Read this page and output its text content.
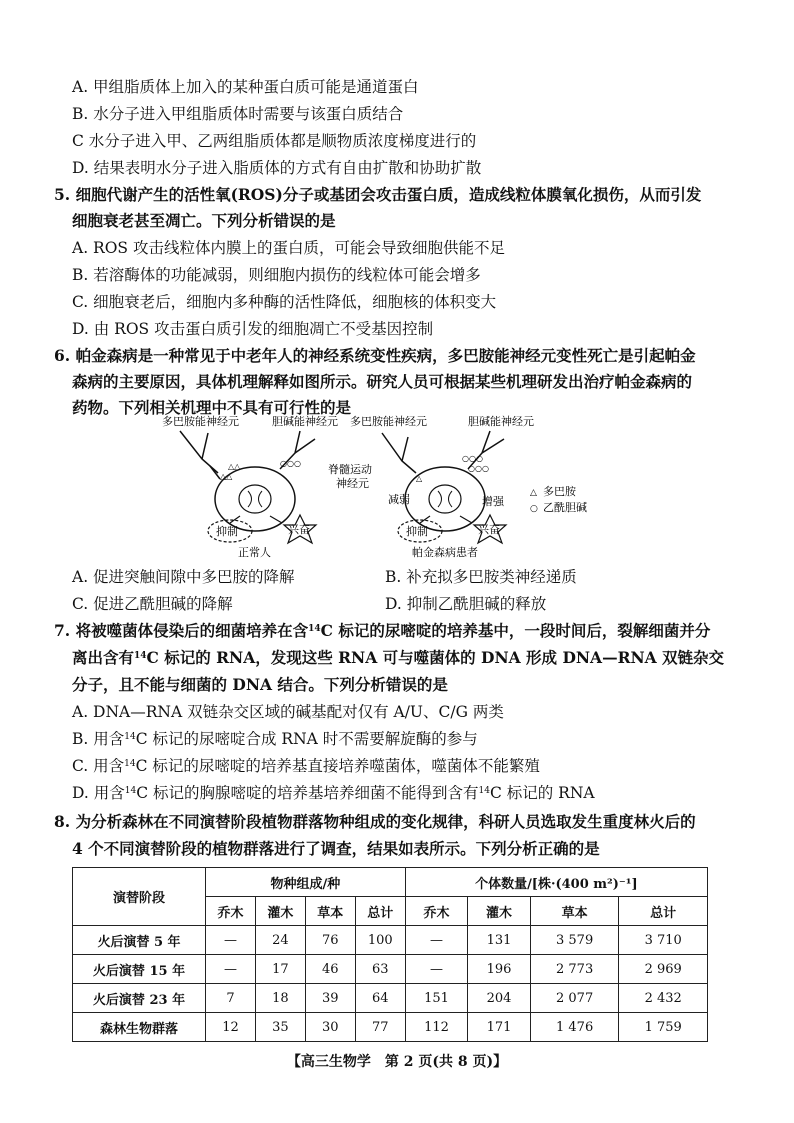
A. 甲组脂质体上加入的某种蛋白质可能是通道蛋白
B. 水分子进入甲组脂质体时需要与该蛋白质结合
C 水分子进入甲、乙两组脂质体都是顺物质浓度梯度进行的
D. 结果表明水分子进入脂质体的方式有自由扩散和协助扩散
5. 细胞代谢产生的活性氧(ROS)分子或基团会攻击蛋白质，造成线粒体膜氧化损伤，从而引发
细胞衰老甚至凋亡。下列分析错误的是
A. ROS 攻击线粒体内膜上的蛋白质，可能会导致细胞供能不足
B. 若溶酶体的功能减弱，则细胞内损伤的线粒体可能会增多
C. 细胞衰老后，细胞内多种酶的活性降低，细胞核的体积变大
D. 由 ROS 攻击蛋白质引发的细胞凋亡不受基因控制
6. 帕金森病是一种常见于中老年人的神经系统变性疾病，多巴胺能神经元变性死亡是引起帕金
森病的主要原因，具体机理解释如图所示。研究人员可根据某些机理研发出治疗帕金森病的
药物。下列相关机理中不具有可行性的是
多巴胺能神经元	胆碱能神经元
△△
△△
○○○
抑制	兴奋
正常人
脊髓运动
神经元
多巴胺能神经元	胆碱能神经元
△
○○○
○○○
减弱	增强
抑制	兴奋
帕金森病患者
△ 多巴胺
○ 乙酰胆碱
A. 促进突触间隙中多巴胺的降解	B. 补充拟多巴胺类神经递质
C. 促进乙酰胆碱的降解	D. 抑制乙酰胆碱的释放
7. 将被噬菌体侵染后的细菌培养在含$^{14}$C 标记的尿嘧啶的培养基中，一段时间后，裂解细菌并分
离出含有$^{14}$C 标记的 RNA，发现这些 RNA 可与噬菌体的 DNA 形成 DNA—RNA 双链杂交
分子，且不能与细菌的 DNA 结合。下列分析错误的是
A. DNA—RNA 双链杂交区域的碱基配对仅有 A/U、C/G 两类
B. 用含$^{14}$C 标记的尿嘧啶合成 RNA 时不需要解旋酶的参与
C. 用含$^{14}$C 标记的尿嘧啶的培养基直接培养噬菌体，噬菌体不能繁殖
D. 用含$^{14}$C 标记的胸腺嘧啶的培养基培养细菌不能得到含有$^{14}$C 标记的 RNA
8. 为分析森林在不同演替阶段植物群落物种组成的变化规律，科研人员选取发生重度林火后的
4 个不同演替阶段的植物群落进行了调查，结果如表所示。下列分析正确的是
演替阶段	物种组成/种				个体数量/[株·(400 m²)⁻¹]			
	乔木	灌木	草本	总计	乔木	灌木	草本	总计
火后演替 5 年	—	24	76	100	—	131	3 579	3 710
火后演替 15 年	—	17	46	63	—	196	2 773	2 969
火后演替 23 年	7	18	39	64	151	204	2 077	2 432
森林生物群落	12	35	30	77	112	171	1 476	1 759
【高三生物学　第 2 页(共 8 页)】
